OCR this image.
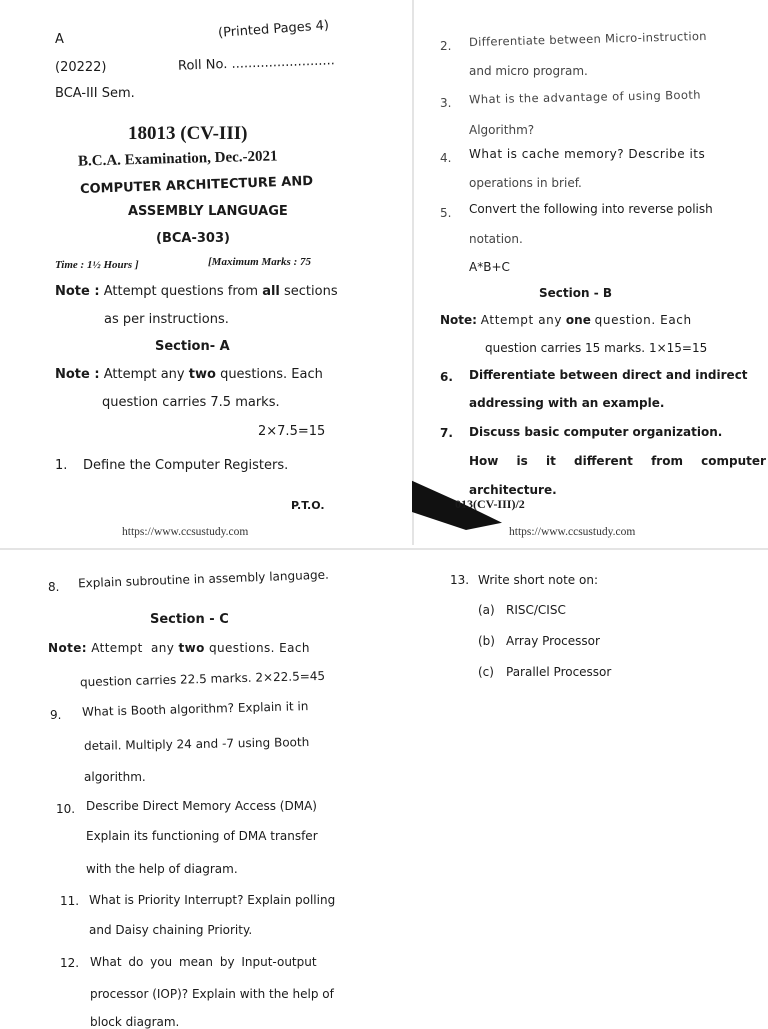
A	(Printed Pages 4)
(20222)	Roll No. .........................
BCA-III Sem.
18013 (CV-III)
B.C.A. Examination, Dec.-2021
COMPUTER ARCHITECTURE AND
ASSEMBLY LANGUAGE
(BCA-303)
Time : 1½ Hours ]	[Maximum Marks : 75
Note : Attempt questions from all sections
as per instructions.
Section- A
Note : Attempt any two questions. Each
question carries 7.5 marks.
2×7.5=15
1. Define the Computer Registers.
P.T.O.
https://www.ccsustudy.com
2. Differentiate between Micro-instruction
and micro program.
3. What is the advantage of using Booth
Algorithm?
4. What is cache memory? Describe its
operations in brief.
5. Convert the following into reverse polish
notation.
A*B+C
Section - B
Note: Attempt any one question. Each
question carries 15 marks. 1×15=15
6. Differentiate between direct and indirect
addressing with an example.
7. Discuss basic computer organization.
How is it different from computer
architecture.
013(CV-III)/2
https://www.ccsustudy.com
8. Explain subroutine in assembly language.
Section - C
Note: Attempt any two questions. Each
question carries 22.5 marks. 2×22.5=45
9. What is Booth algorithm? Explain it in
detail. Multiply 24 and -7 using Booth
algorithm.
10. Describe Direct Memory Access (DMA)
Explain its functioning of DMA transfer
with the help of diagram.
11. What is Priority Interrupt? Explain polling
and Daisy chaining Priority.
12. What do you mean by Input-output
processor (IOP)? Explain with the help of
block diagram.
13. Write short note on:
(a) RISC/CISC
(b) Array Processor
(c) Parallel Processor
